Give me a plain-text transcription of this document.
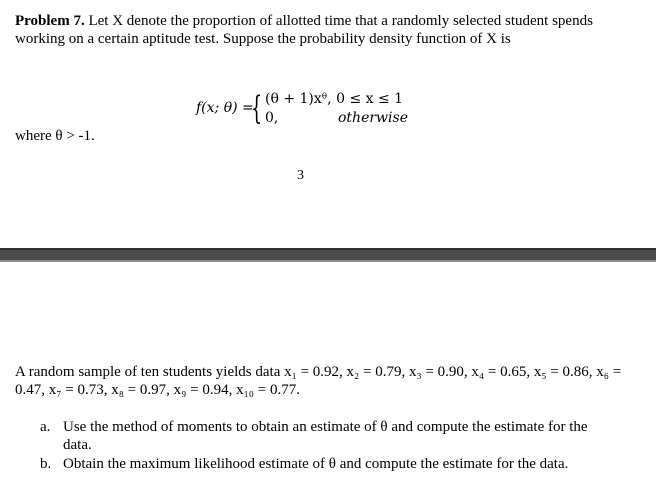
Problem 7. Let X denote the proportion of allotted time that a randomly selected student spends working on a certain aptitude test. Suppose the probability density function of X is
f(x; θ) =
{ (θ + 1)xᶿ, 0 ≤ x ≤ 1
0,	otherwise
where θ > -1.
3
A random sample of ten students yields data x₁ = 0.92, x₂ = 0.79, x₃ = 0.90, x₄ = 0.65, x₅ = 0.86, x₆ = 0.47, x₇ = 0.73, x₈ = 0.97, x₉ = 0.94, x₁₀ = 0.77.
a. Use the method of moments to obtain an estimate of θ and compute the estimate for the data.
b. Obtain the maximum likelihood estimate of θ and compute the estimate for the data.
